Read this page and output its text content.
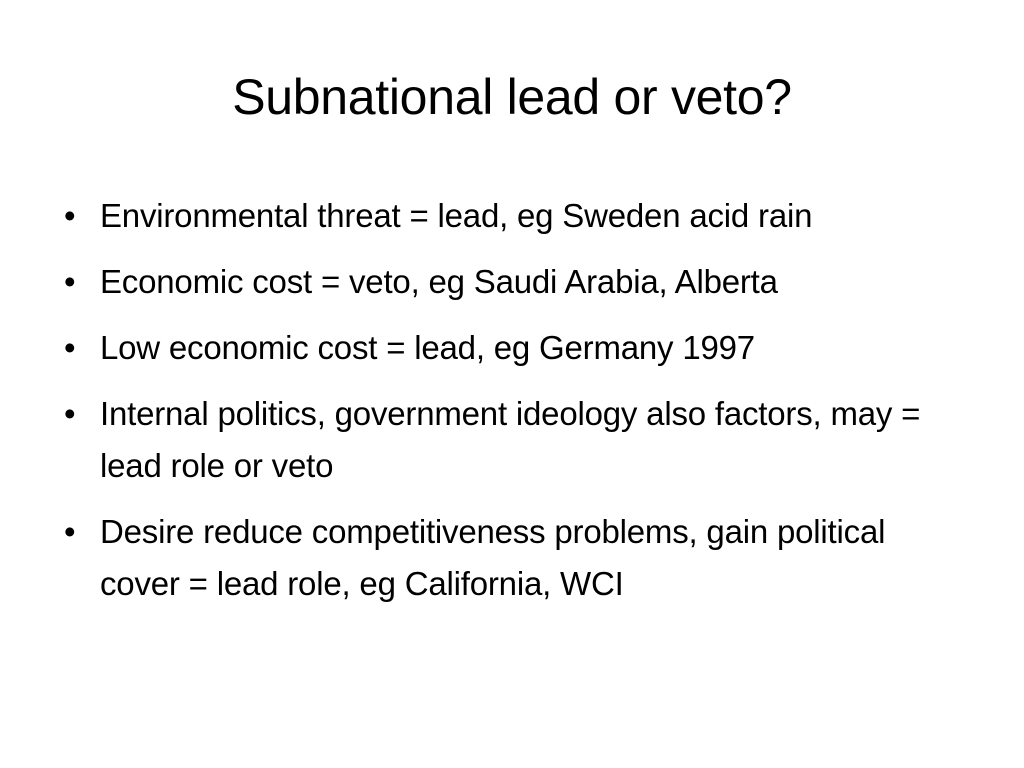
Subnational lead or veto?
• Environmental threat = lead, eg Sweden acid rain
• Economic cost = veto, eg Saudi Arabia, Alberta
• Low economic cost = lead, eg Germany 1997
• Internal politics, government ideology also factors, may = lead role or veto
• Desire reduce competitiveness problems, gain political cover = lead role, eg California, WCI
